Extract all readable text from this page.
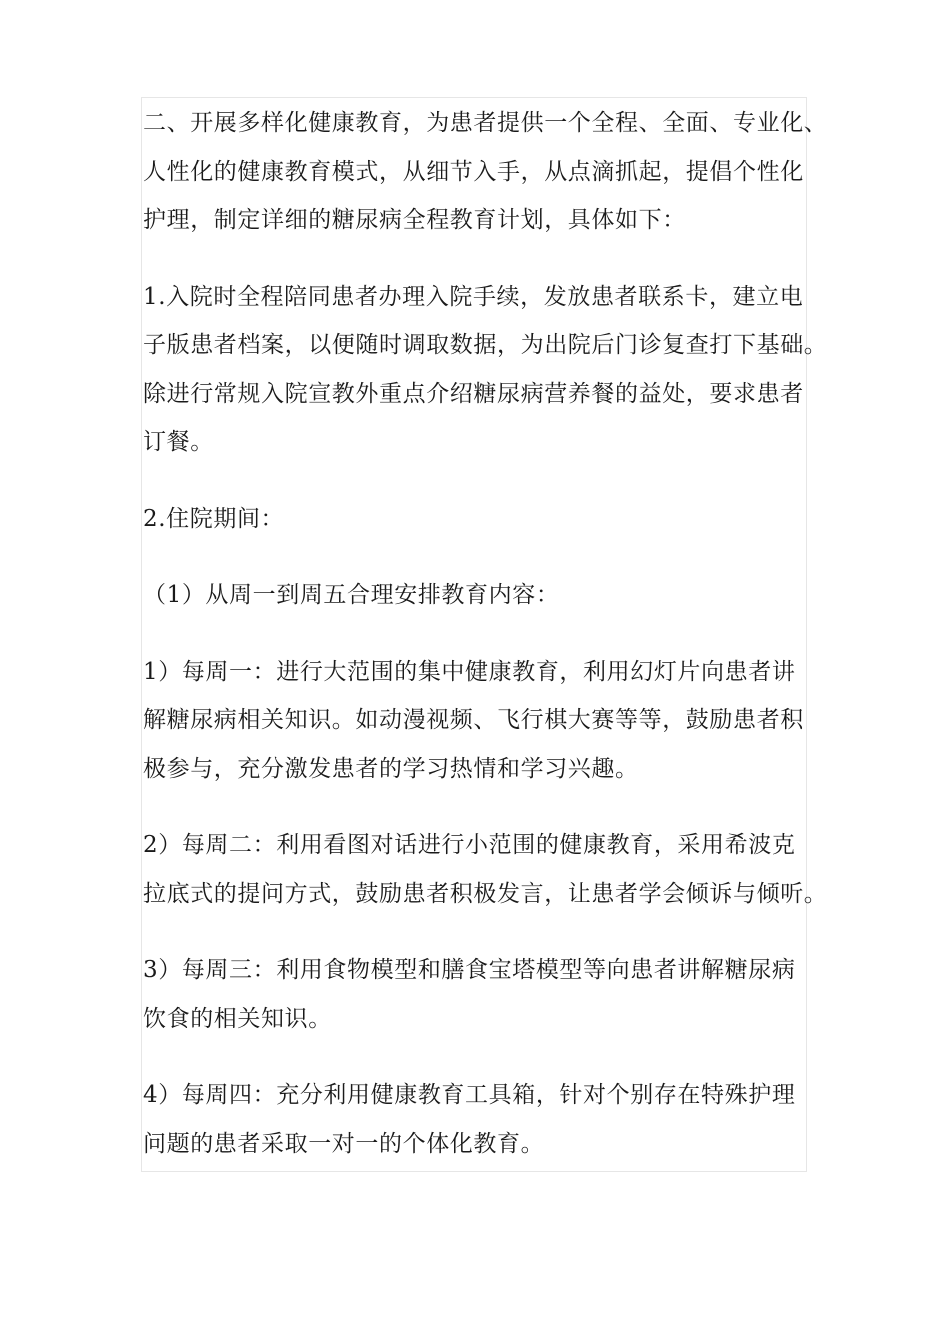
二、开展多样化健康教育，为患者提供一个全程、全面、专业化、
人性化的健康教育模式，从细节入手，从点滴抓起，提倡个性化
护理，制定详细的糖尿病全程教育计划，具体如下：

1.入院时全程陪同患者办理入院手续，发放患者联系卡，建立电
子版患者档案，以便随时调取数据，为出院后门诊复查打下基础。
除进行常规入院宣教外重点介绍糖尿病营养餐的益处，要求患者
订餐。

2.住院期间：

（1）从周一到周五合理安排教育内容：

1）每周一：进行大范围的集中健康教育，利用幻灯片向患者讲
解糖尿病相关知识。如动漫视频、飞行棋大赛等等，鼓励患者积
极参与，充分激发患者的学习热情和学习兴趣。

2）每周二：利用看图对话进行小范围的健康教育，采用希波克
拉底式的提问方式，鼓励患者积极发言，让患者学会倾诉与倾听。

3）每周三：利用食物模型和膳食宝塔模型等向患者讲解糖尿病
饮食的相关知识。

4）每周四：充分利用健康教育工具箱，针对个别存在特殊护理
问题的患者采取一对一的个体化教育。
